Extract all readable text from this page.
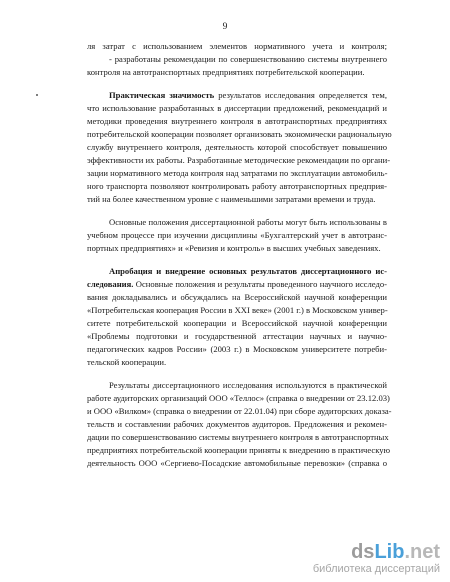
9

ля затрат с использованием элементов нормативного учета и контроля;
- разработаны рекомендации по совершенствованию системы внутреннего
контроля на автотранспортных предприятиях потребительской кооперации.

Практическая значимость результатов исследования определяется тем,
что использование разработанных в диссертации предложений, рекомендаций и
методики проведения внутреннего контроля в автотранспортных предприятиях
потребительской кооперации позволяет организовать экономически рациональную
службу внутреннего контроля, деятельность которой способствует повышению
эффективности их работы. Разработанные методические рекомендации по органи-
зации нормативного метода контроля над затратами по эксплуатации автомобиль-
ного транспорта позволяют контролировать работу автотранспортных предприя-
тий на более качественном уровне с наименьшими затратами времени и труда.

Основные положения диссертационной работы могут быть использованы в
учебном процессе при изучении дисциплины «Бухгалтерский учет в автотранс-
портных предприятиях» и «Ревизия и контроль» в высших учебных заведениях.

Апробация и внедрение основных результатов диссертационного ис-
следования. Основные положения и результаты проведенного научного исследо-
вания докладывались и обсуждались на Всероссийской научной конференции
«Потребительская кооперация России в XXI веке» (2001 г.) в Московском универ-
ситете потребительской кооперации и Всероссийской научной конференции
«Проблемы подготовки и государственной аттестации научных и научно-
педагогических кадров России» (2003 г.) в Московском университете потреби-
тельской кооперации.

Результаты диссертационного исследования используются в практической
работе аудиторских организаций ООО «Теллос» (справка о внедрении от 23.12.03)
и ООО «Вилком» (справка о внедрении от 22.01.04) при сборе аудиторских доказа-
тельств и составлении рабочих документов аудиторов. Предложения и рекомен-
дации по совершенствованию системы внутреннего контроля в автотранспортных
предприятиях потребительской кооперации приняты к внедрению в практическую
деятельность ООО «Сергиево-Посадские автомобильные перевозки» (справка о

dsLib.net
библиотека диссертаций
